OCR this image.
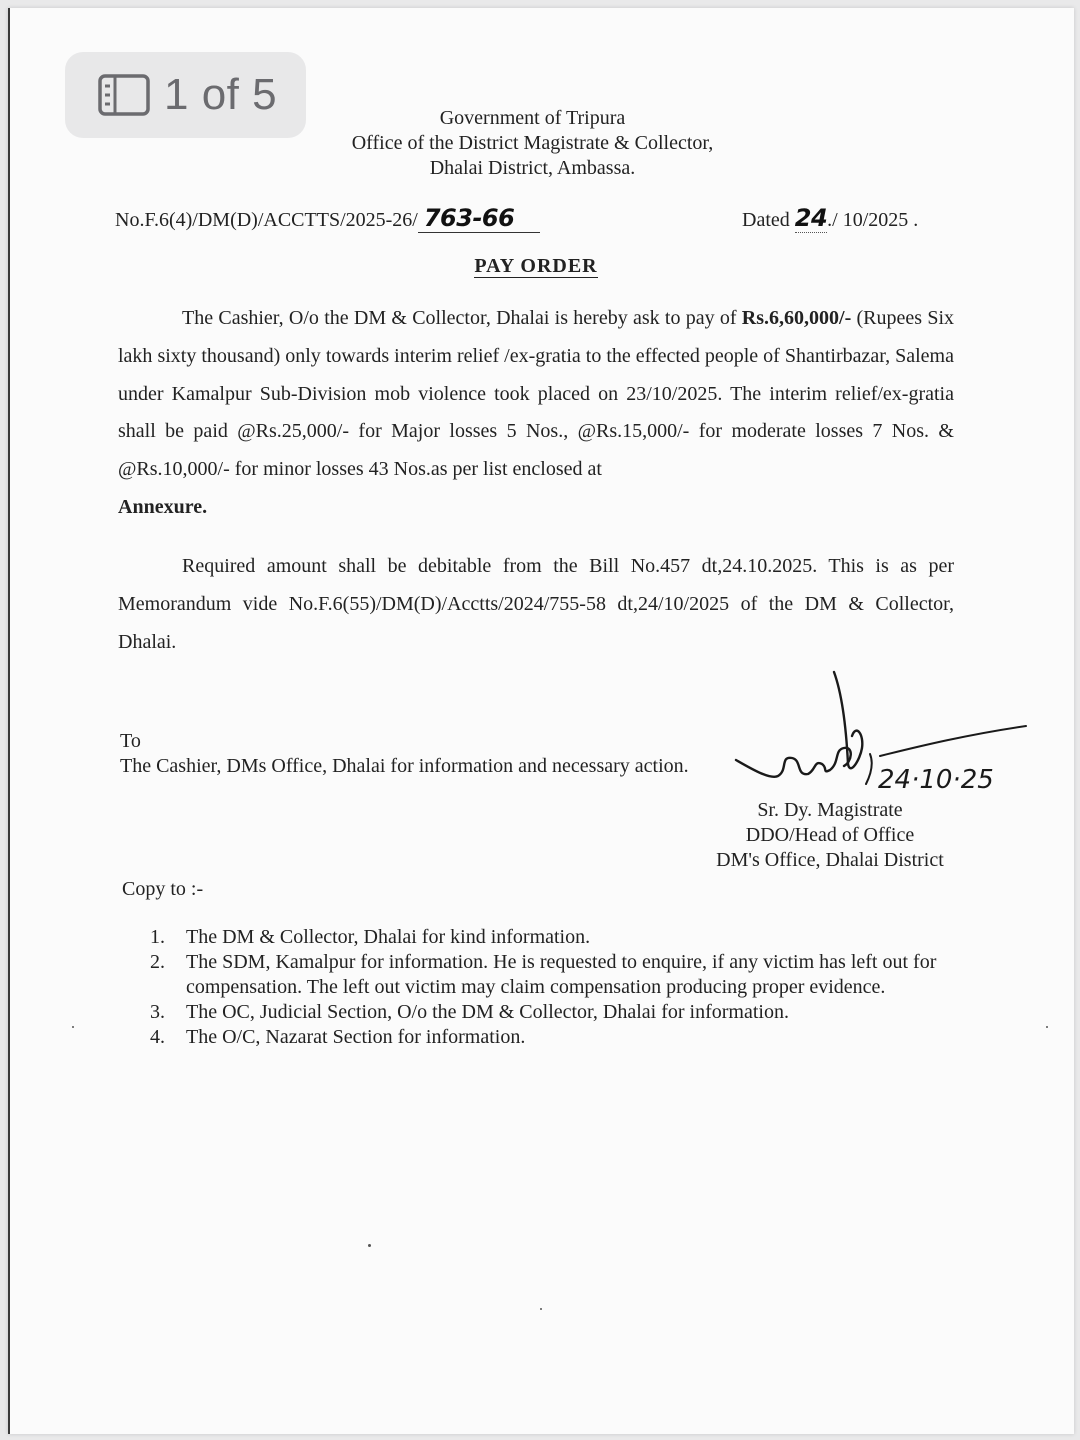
1 of 5	Government of Tripura
Office of the District Magistrate & Collector,
Dhalai District, Ambassa.
No.F.6(4)/DM(D)/ACCTTS/2025-26/ 763-66	Dated 24./ 10/2025 .
PAY ORDER
The Cashier, O/o the DM & Collector, Dhalai is hereby ask to pay of Rs.6,60,000/- (Rupees Six lakh sixty thousand) only towards interim relief /ex-gratia to the effected people of Shantirbazar, Salema under Kamalpur Sub-Division mob violence took placed on 23/10/2025. The interim relief/ex-gratia shall be paid @Rs.25,000/- for Major losses 5 Nos., @Rs.15,000/- for moderate losses 7 Nos. & @Rs.10,000/- for minor losses 43 Nos.as per list enclosed at
Annexure.
Required amount shall be debitable from the Bill No.457 dt,24.10.2025. This is as per Memorandum vide No.F.6(55)/DM(D)/Acctts/2024/755-58 dt,24/10/2025 of the DM & Collector, Dhalai.
To
The Cashier, DMs Office, Dhalai for information and necessary action.	24·10·25
Sr. Dy. Magistrate
DDO/Head of Office
DM's Office, Dhalai District
Copy to :-
1.	The DM & Collector, Dhalai for kind information.
2.	The SDM, Kamalpur for information. He is requested to enquire, if any victim has left out for compensation. The left out victim may claim compensation producing proper evidence.
3.	The OC, Judicial Section, O/o the DM & Collector, Dhalai for information.
4.	The O/C, Nazarat Section for information.
